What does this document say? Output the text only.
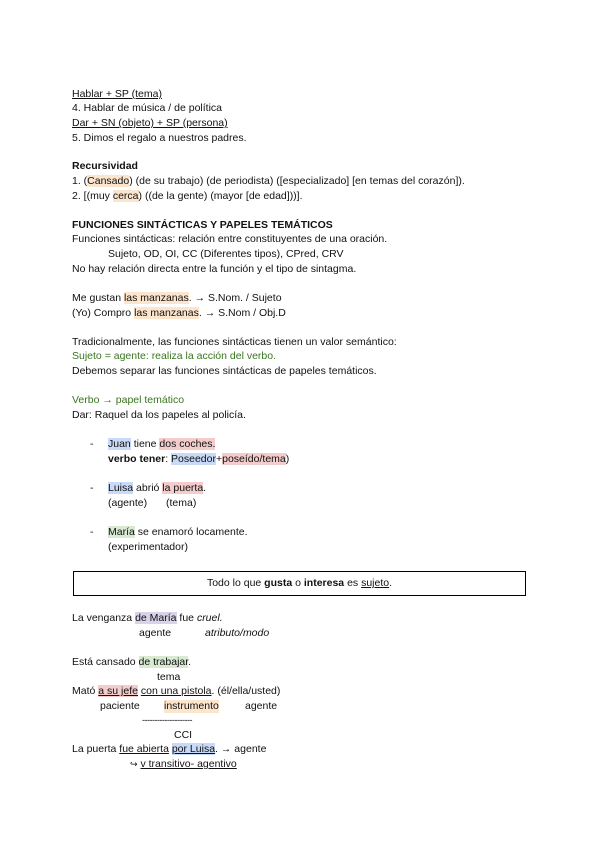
Hablar + SP (tema)
4. Hablar de música / de política
Dar + SN (objeto) + SP (persona)
5. Dimos el regalo a nuestros padres.
Recursividad
1. (Cansado) (de su trabajo) (de periodista) ([especializado] [en temas del corazón]).
2. [(muy cerca) ((de la gente) (mayor [de edad]))].
FUNCIONES SINTÁCTICAS Y PAPELES TEMÁTICOS
Funciones sintácticas: relación entre constituyentes de una oración.
Sujeto, OD, OI, CC (Diferentes tipos), CPred, CRV
No hay relación directa entre la función y el tipo de sintagma.
Me gustan las manzanas. → S.Nom. / Sujeto
(Yo) Compro las manzanas. → S.Nom / Obj.D
Tradicionalmente, las funciones sintácticas tienen un valor semántico:
Sujeto = agente: realiza la acción del verbo.
Debemos separar las funciones sintácticas de papeles temáticos.
Verbo → papel temático
Dar: Raquel da los papeles al policía.
- Juan tiene dos coches.
verbo tener: Poseedor+poseído/tema)
- Luisa abrió la puerta.
(agente) (tema)
- María se enamoró locamente.
(experimentador)
Todo lo que gusta o interesa es sujeto.
La venganza de María fue cruel.
agente	atributo/modo
Está cansado de trabajar.
tema
Mató a su jefe con una pistola. (él/ella/usted)
paciente instrumento agente
--------------------
CCI
La puerta fue abierta por Luisa. → agente
↪ v transitivo- agentivo
